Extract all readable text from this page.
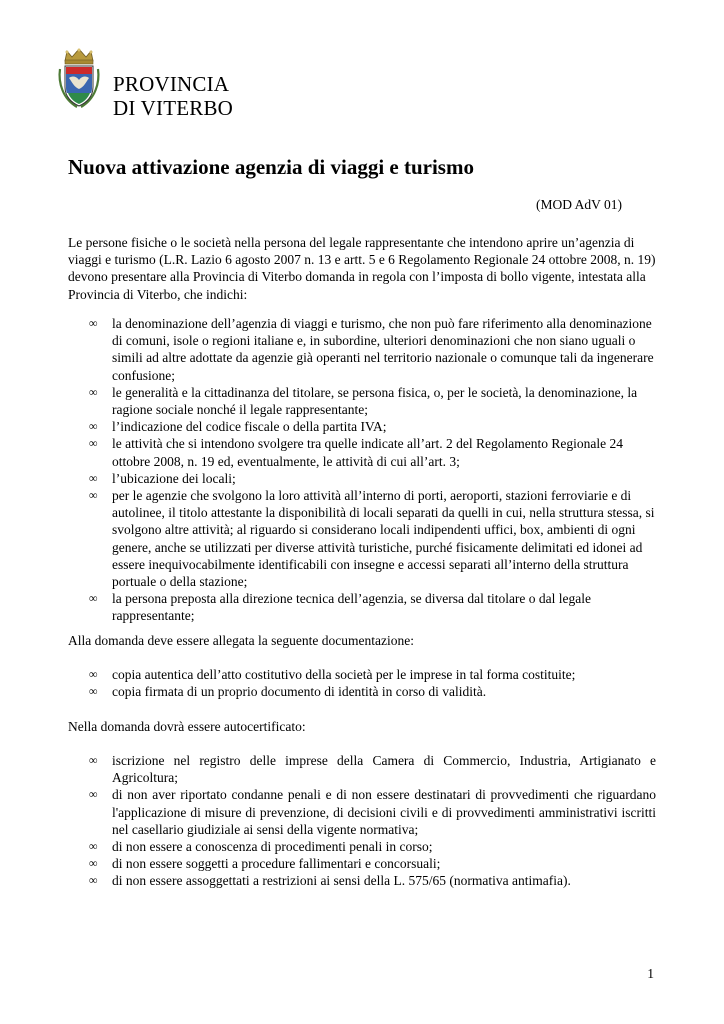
PROVINCIA
DI VITERBO
Nuova attivazione agenzia di viaggi e turismo
(MOD AdV 01)

Le persone fisiche o le società nella persona del legale rappresentante che intendono aprire un’agenzia di viaggi e turismo (L.R. Lazio 6 agosto 2007 n. 13 e artt. 5 e 6 Regolamento Regionale 24 ottobre 2008, n. 19) devono presentare alla Provincia di Viterbo domanda in regola con l’imposta di bollo vigente, intestata alla Provincia di Viterbo, che indichi:

∞ la denominazione dell’agenzia di viaggi e turismo, che non può fare riferimento alla denominazione di comuni, isole o regioni italiane e, in subordine, ulteriori denominazioni che non siano uguali o simili ad altre adottate da agenzie già operanti nel territorio nazionale o comunque tali da ingenerare confusione;
∞ le generalità e la cittadinanza del titolare, se persona fisica, o, per le società, la denominazione, la ragione sociale nonché il legale rappresentante;
∞ l’indicazione del codice fiscale o della partita IVA;
∞ le attività che si intendono svolgere tra quelle indicate all’art. 2 del Regolamento Regionale 24 ottobre 2008, n. 19 ed, eventualmente, le attività di cui all’art. 3;
∞ l’ubicazione dei locali;
∞ per le agenzie che svolgono la loro attività all’interno di porti, aeroporti, stazioni ferroviarie e di autolinee, il titolo attestante la disponibilità di locali separati da quelli in cui, nella struttura stessa, si svolgono altre attività; al riguardo si considerano locali indipendenti uffici, box, ambienti di ogni genere, anche se utilizzati per diverse attività turistiche, purché fisicamente delimitati ed idonei ad essere inequivocabilmente identificabili con insegne e accessi separati all’interno della struttura portuale o della stazione;
∞ la persona preposta alla direzione tecnica dell’agenzia, se diversa dal titolare o dal legale rappresentante;

Alla domanda deve essere allegata la seguente documentazione:

∞ copia autentica dell’atto costitutivo della società per le imprese in tal forma costituite;
∞ copia firmata di un proprio documento di identità in corso di validità.

Nella domanda dovrà essere autocertificato:

∞ iscrizione nel registro delle imprese della Camera di Commercio, Industria, Artigianato e Agricoltura;
∞ di non aver riportato condanne penali e di non essere destinatari di provvedimenti che riguardano l'applicazione di misure di prevenzione, di decisioni civili e di provvedimenti amministrativi iscritti nel casellario giudiziale ai sensi della vigente normativa;
∞ di non essere a conoscenza di procedimenti penali in corso;
∞ di non essere soggetti a procedure fallimentari e concorsuali;
∞ di non essere assoggettati a restrizioni ai sensi della L. 575/65 (normativa antimafia).
1
